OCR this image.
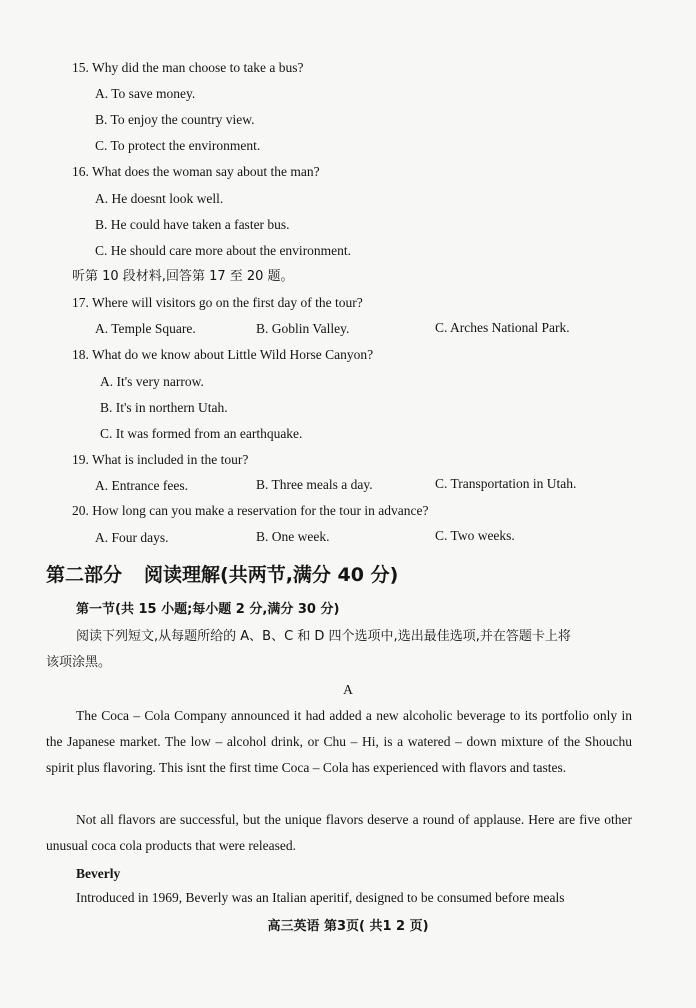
15. Why did the man choose to take a bus?
A. To save money.
B. To enjoy the country view.
C. To protect the environment.
16. What does the woman say about the man?
A. He doesnt look well.
B. He could have taken a faster bus.
C. He should care more about the environment.
听第 10 段材料,回答第 17 至 20 题。
17. Where will visitors go on the first day of the tour?
A. Temple Square.	B. Goblin Valley.	C. Arches National Park.
18. What do we know about Little Wild Horse Canyon?
A. It's very narrow.
B. It's in northern Utah.
C. It was formed from an earthquake.
19. What is included in the tour?
A. Entrance fees.	B. Three meals a day.	C. Transportation in Utah.
20. How long can you make a reservation for the tour in advance?
A. Four days.	B. One week.	C. Two weeks.
第二部分 阅读理解(共两节,满分 40 分)
第一节(共 15 小题;每小题 2 分,满分 30 分)
阅读下列短文,从每题所给的 A、B、C 和 D 四个选项中,选出最佳选项,并在答题卡上将
该项涂黑。
A
The Coca – Cola Company announced it had added a new alcoholic beverage to its portfolio only in the Japanese market. The low – alcohol drink, or Chu – Hi, is a watered – down mixture of the Shouchu spirit plus flavoring. This isnt the first time Coca – Cola has experienced with flavors and tastes.
Not all flavors are successful, but the unique flavors deserve a round of applause. Here are five other unusual coca cola products that were released.
Beverly
Introduced in 1969, Beverly was an Italian aperitif, designed to be consumed before meals
高三英语 第3页( 共1 2 页)
